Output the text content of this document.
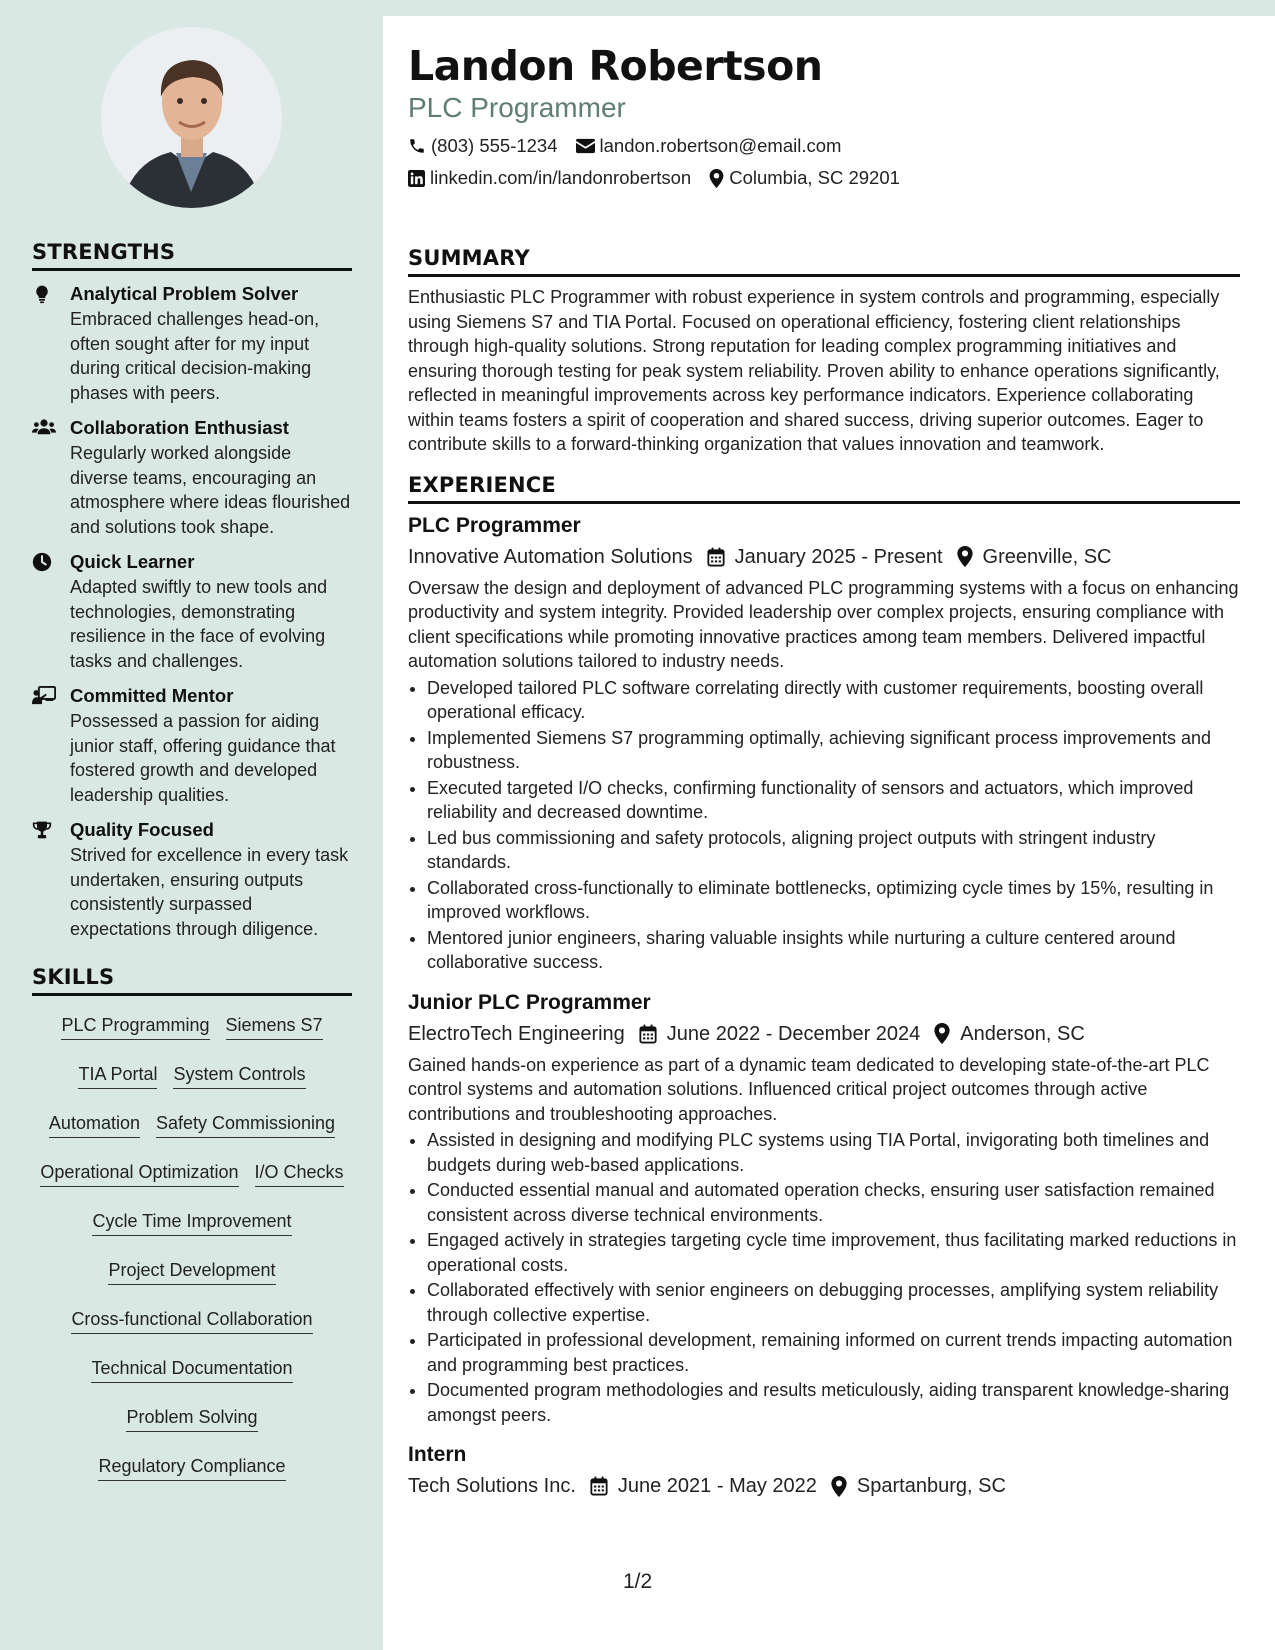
STRENGTHS
Analytical Problem Solver
Embraced challenges head-on, often sought after for my input during critical decision-making phases with peers.
Collaboration Enthusiast
Regularly worked alongside diverse teams, encouraging an atmosphere where ideas flourished and solutions took shape.
Quick Learner
Adapted swiftly to new tools and technologies, demonstrating resilience in the face of evolving tasks and challenges.
Committed Mentor
Possessed a passion for aiding junior staff, offering guidance that fostered growth and developed leadership qualities.
Quality Focused
Strived for excellence in every task undertaken, ensuring outputs consistently surpassed expectations through diligence.
SKILLS
PLC Programming Siemens S7
TIA Portal System Controls
Automation Safety Commissioning
Operational Optimization I/O Checks
Cycle Time Improvement
Project Development
Cross-functional Collaboration
Technical Documentation
Problem Solving
Regulatory Compliance
Landon Robertson
PLC Programmer
(803) 555-1234 landon.robertson@email.com
linkedin.com/in/landonrobertson Columbia, SC 29201
SUMMARY
Enthusiastic PLC Programmer with robust experience in system controls and programming, especially using Siemens S7 and TIA Portal. Focused on operational efficiency, fostering client relationships through high-quality solutions. Strong reputation for leading complex programming initiatives and ensuring thorough testing for peak system reliability. Proven ability to enhance operations significantly, reflected in meaningful improvements across key performance indicators. Experience collaborating within teams fosters a spirit of cooperation and shared success, driving superior outcomes. Eager to contribute skills to a forward-thinking organization that values innovation and teamwork.
EXPERIENCE
PLC Programmer
Innovative Automation Solutions January 2025 - Present Greenville, SC
Oversaw the design and deployment of advanced PLC programming systems with a focus on enhancing productivity and system integrity. Provided leadership over complex projects, ensuring compliance with client specifications while promoting innovative practices among team members. Delivered impactful automation solutions tailored to industry needs.
• Developed tailored PLC software correlating directly with customer requirements, boosting overall operational efficacy.
• Implemented Siemens S7 programming optimally, achieving significant process improvements and robustness.
• Executed targeted I/O checks, confirming functionality of sensors and actuators, which improved reliability and decreased downtime.
• Led bus commissioning and safety protocols, aligning project outputs with stringent industry standards.
• Collaborated cross-functionally to eliminate bottlenecks, optimizing cycle times by 15%, resulting in improved workflows.
• Mentored junior engineers, sharing valuable insights while nurturing a culture centered around collaborative success.
Junior PLC Programmer
ElectroTech Engineering June 2022 - December 2024 Anderson, SC
Gained hands-on experience as part of a dynamic team dedicated to developing state-of-the-art PLC control systems and automation solutions. Influenced critical project outcomes through active contributions and troubleshooting approaches.
• Assisted in designing and modifying PLC systems using TIA Portal, invigorating both timelines and budgets during web-based applications.
• Conducted essential manual and automated operation checks, ensuring user satisfaction remained consistent across diverse technical environments.
• Engaged actively in strategies targeting cycle time improvement, thus facilitating marked reductions in operational costs.
• Collaborated effectively with senior engineers on debugging processes, amplifying system reliability through collective expertise.
• Participated in professional development, remaining informed on current trends impacting automation and programming best practices.
• Documented program methodologies and results meticulously, aiding transparent knowledge-sharing amongst peers.
Intern
Tech Solutions Inc. June 2021 - May 2022 Spartanburg, SC
1/2
